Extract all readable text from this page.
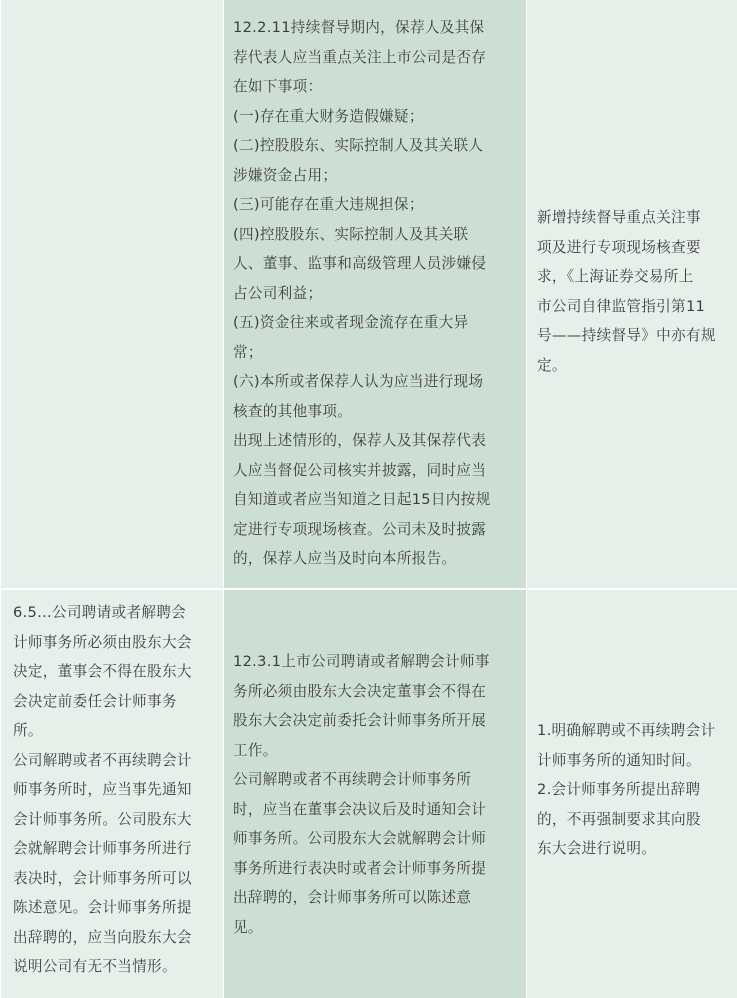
12.2.11持续督导期内，保荐人及其保
荐代表人应当重点关注上市公司是否存
在如下事项：
(一)存在重大财务造假嫌疑；
(二)控股股东、实际控制人及其关联人
涉嫌资金占用；
(三)可能存在重大违规担保；
(四)控股股东、实际控制人及其关联
人、董事、监事和高级管理人员涉嫌侵
占公司利益；
(五)资金往来或者现金流存在重大异
常；
(六)本所或者保荐人认为应当进行现场
核查的其他事项。
出现上述情形的，保荐人及其保荐代表
人应当督促公司核实并披露，同时应当
自知道或者应当知道之日起15日内按规
定进行专项现场核查。公司未及时披露
的，保荐人应当及时向本所报告。
新增持续督导重点关注事
项及进行专项现场核查要
求，《上海证券交易所上
市公司自律监管指引第11
号——持续督导》中亦有规
定。
6.5…公司聘请或者解聘会
计师事务所必须由股东大会
决定，董事会不得在股东大
会决定前委任会计师事务
所。
公司解聘或者不再续聘会计
师事务所时，应当事先通知
会计师事务所。公司股东大
会就解聘会计师事务所进行
表决时，会计师事务所可以
陈述意见。会计师事务所提
出辞聘的，应当向股东大会
说明公司有无不当情形。
12.3.1上市公司聘请或者解聘会计师事
务所必须由股东大会决定董事会不得在
股东大会决定前委托会计师事务所开展
工作。
公司解聘或者不再续聘会计师事务所
时，应当在董事会决议后及时通知会计
师事务所。公司股东大会就解聘会计师
事务所进行表决时或者会计师事务所提
出辞聘的，会计师事务所可以陈述意
见。
1.明确解聘或不再续聘会计
计师事务所的通知时间。
2.会计师事务所提出辞聘
的，不再强制要求其向股
东大会进行说明。
